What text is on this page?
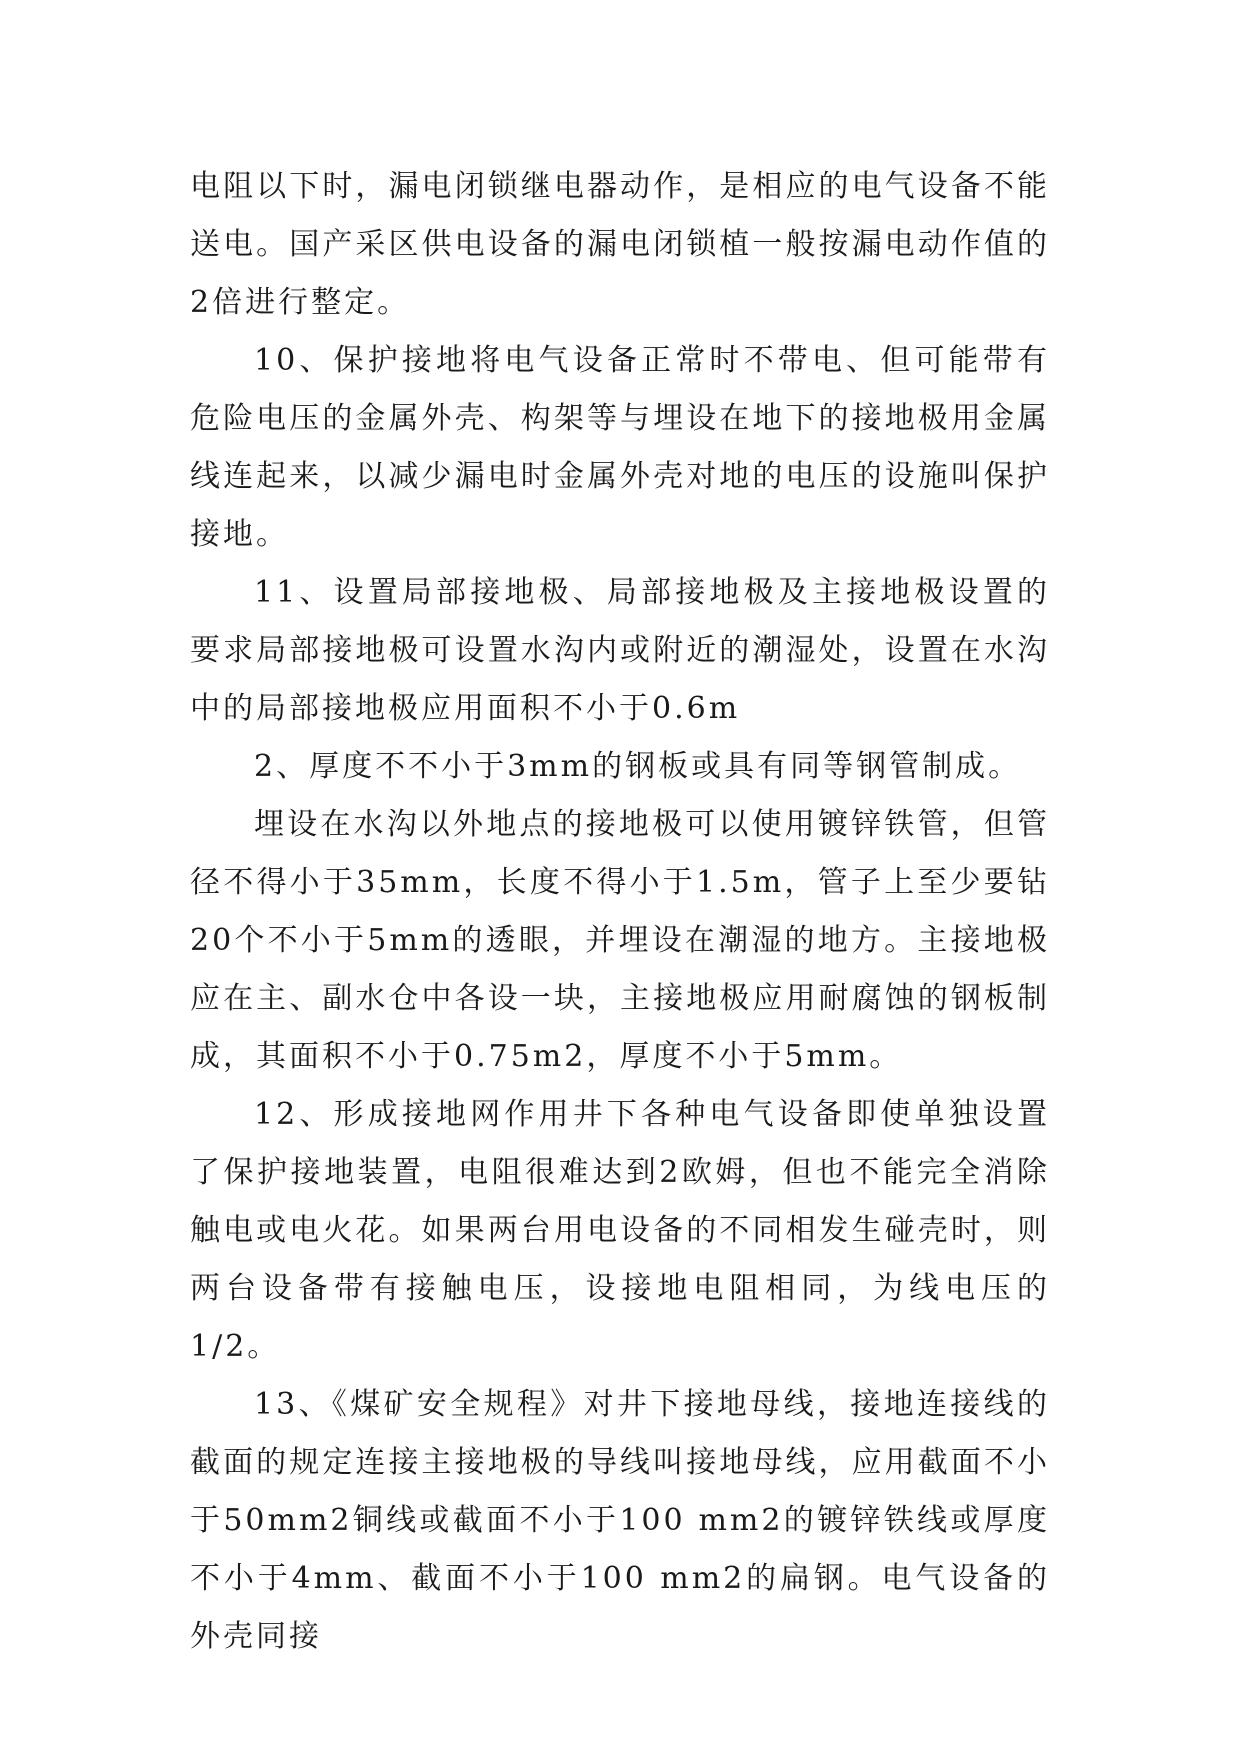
电阻以下时，漏电闭锁继电器动作，是相应的电气设备不能送电。国产采区供电设备的漏电闭锁植一般按漏电动作值的2倍进行整定。

10、保护接地将电气设备正常时不带电、但可能带有危险电压的金属外壳、构架等与埋设在地下的接地极用金属线连起来，以减少漏电时金属外壳对地的电压的设施叫保护接地。

11、设置局部接地极、局部接地极及主接地极设置的要求局部接地极可设置水沟内或附近的潮湿处，设置在水沟中的局部接地极应用面积不小于0.6m

2、厚度不不小于3mm的钢板或具有同等钢管制成。

埋设在水沟以外地点的接地极可以使用镀锌铁管，但管径不得小于35mm，长度不得小于1.5m，管子上至少要钻20个不小于5mm的透眼，并埋设在潮湿的地方。主接地极应在主、副水仓中各设一块，主接地极应用耐腐蚀的钢板制成，其面积不小于0.75m2，厚度不小于5mm。

12、形成接地网作用井下各种电气设备即使单独设置了保护接地装置，电阻很难达到2欧姆，但也不能完全消除触电或电火花。如果两台用电设备的不同相发生碰壳时，则两台设备带有接触电压，设接地电阻相同，为线电压的1/2。

13、《煤矿安全规程》对井下接地母线，接地连接线的截面的规定连接主接地极的导线叫接地母线，应用截面不小于50mm2铜线或截面不小于100 mm2的镀锌铁线或厚度不小于4mm、截面不小于100 mm2的扁钢。电气设备的外壳同接
